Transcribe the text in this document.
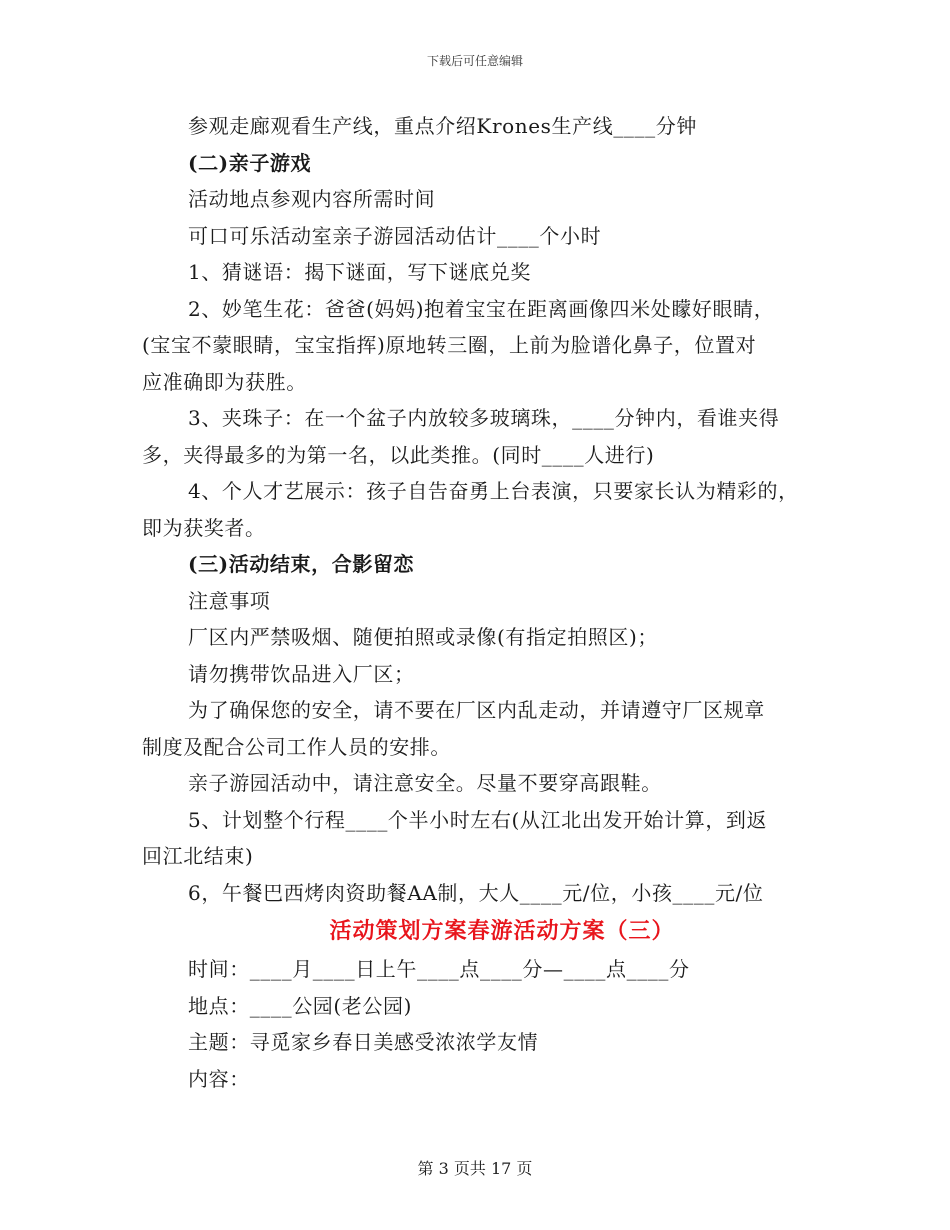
下载后可任意编辑

参观走廊观看生产线，重点介绍Krones生产线____分钟

(二)亲子游戏

活动地点参观内容所需时间

可口可乐活动室亲子游园活动估计____个小时

1、猜谜语：揭下谜面，写下谜底兑奖

2、妙笔生花：爸爸(妈妈)抱着宝宝在距离画像四米处矇好眼睛，

(宝宝不蒙眼睛，宝宝指挥)原地转三圈，上前为脸谱化鼻子，位置对

应准确即为获胜。

3、夹珠子：在一个盆子内放较多玻璃珠，____分钟内，看谁夹得

多，夹得最多的为第一名，以此类推。(同时____人进行)

4、个人才艺展示：孩子自告奋勇上台表演，只要家长认为精彩的，

即为获奖者。

(三)活动结束，合影留恋

注意事项

厂区内严禁吸烟、随便拍照或录像(有指定拍照区)；

请勿携带饮品进入厂区；

为了确保您的安全，请不要在厂区内乱走动，并请遵守厂区规章

制度及配合公司工作人员的安排。

亲子游园活动中，请注意安全。尽量不要穿高跟鞋。

5、计划整个行程____个半小时左右(从江北出发开始计算，到返

回江北结束)

6，午餐巴西烤肉资助餐AA制，大人____元/位，小孩____元/位

活动策划方案春游活动方案（三）

时间：____月____日上午____点____分—____点____分

地点：____公园(老公园)

主题：寻觅家乡春日美感受浓浓学友情

内容：

第 3 页共 17 页
